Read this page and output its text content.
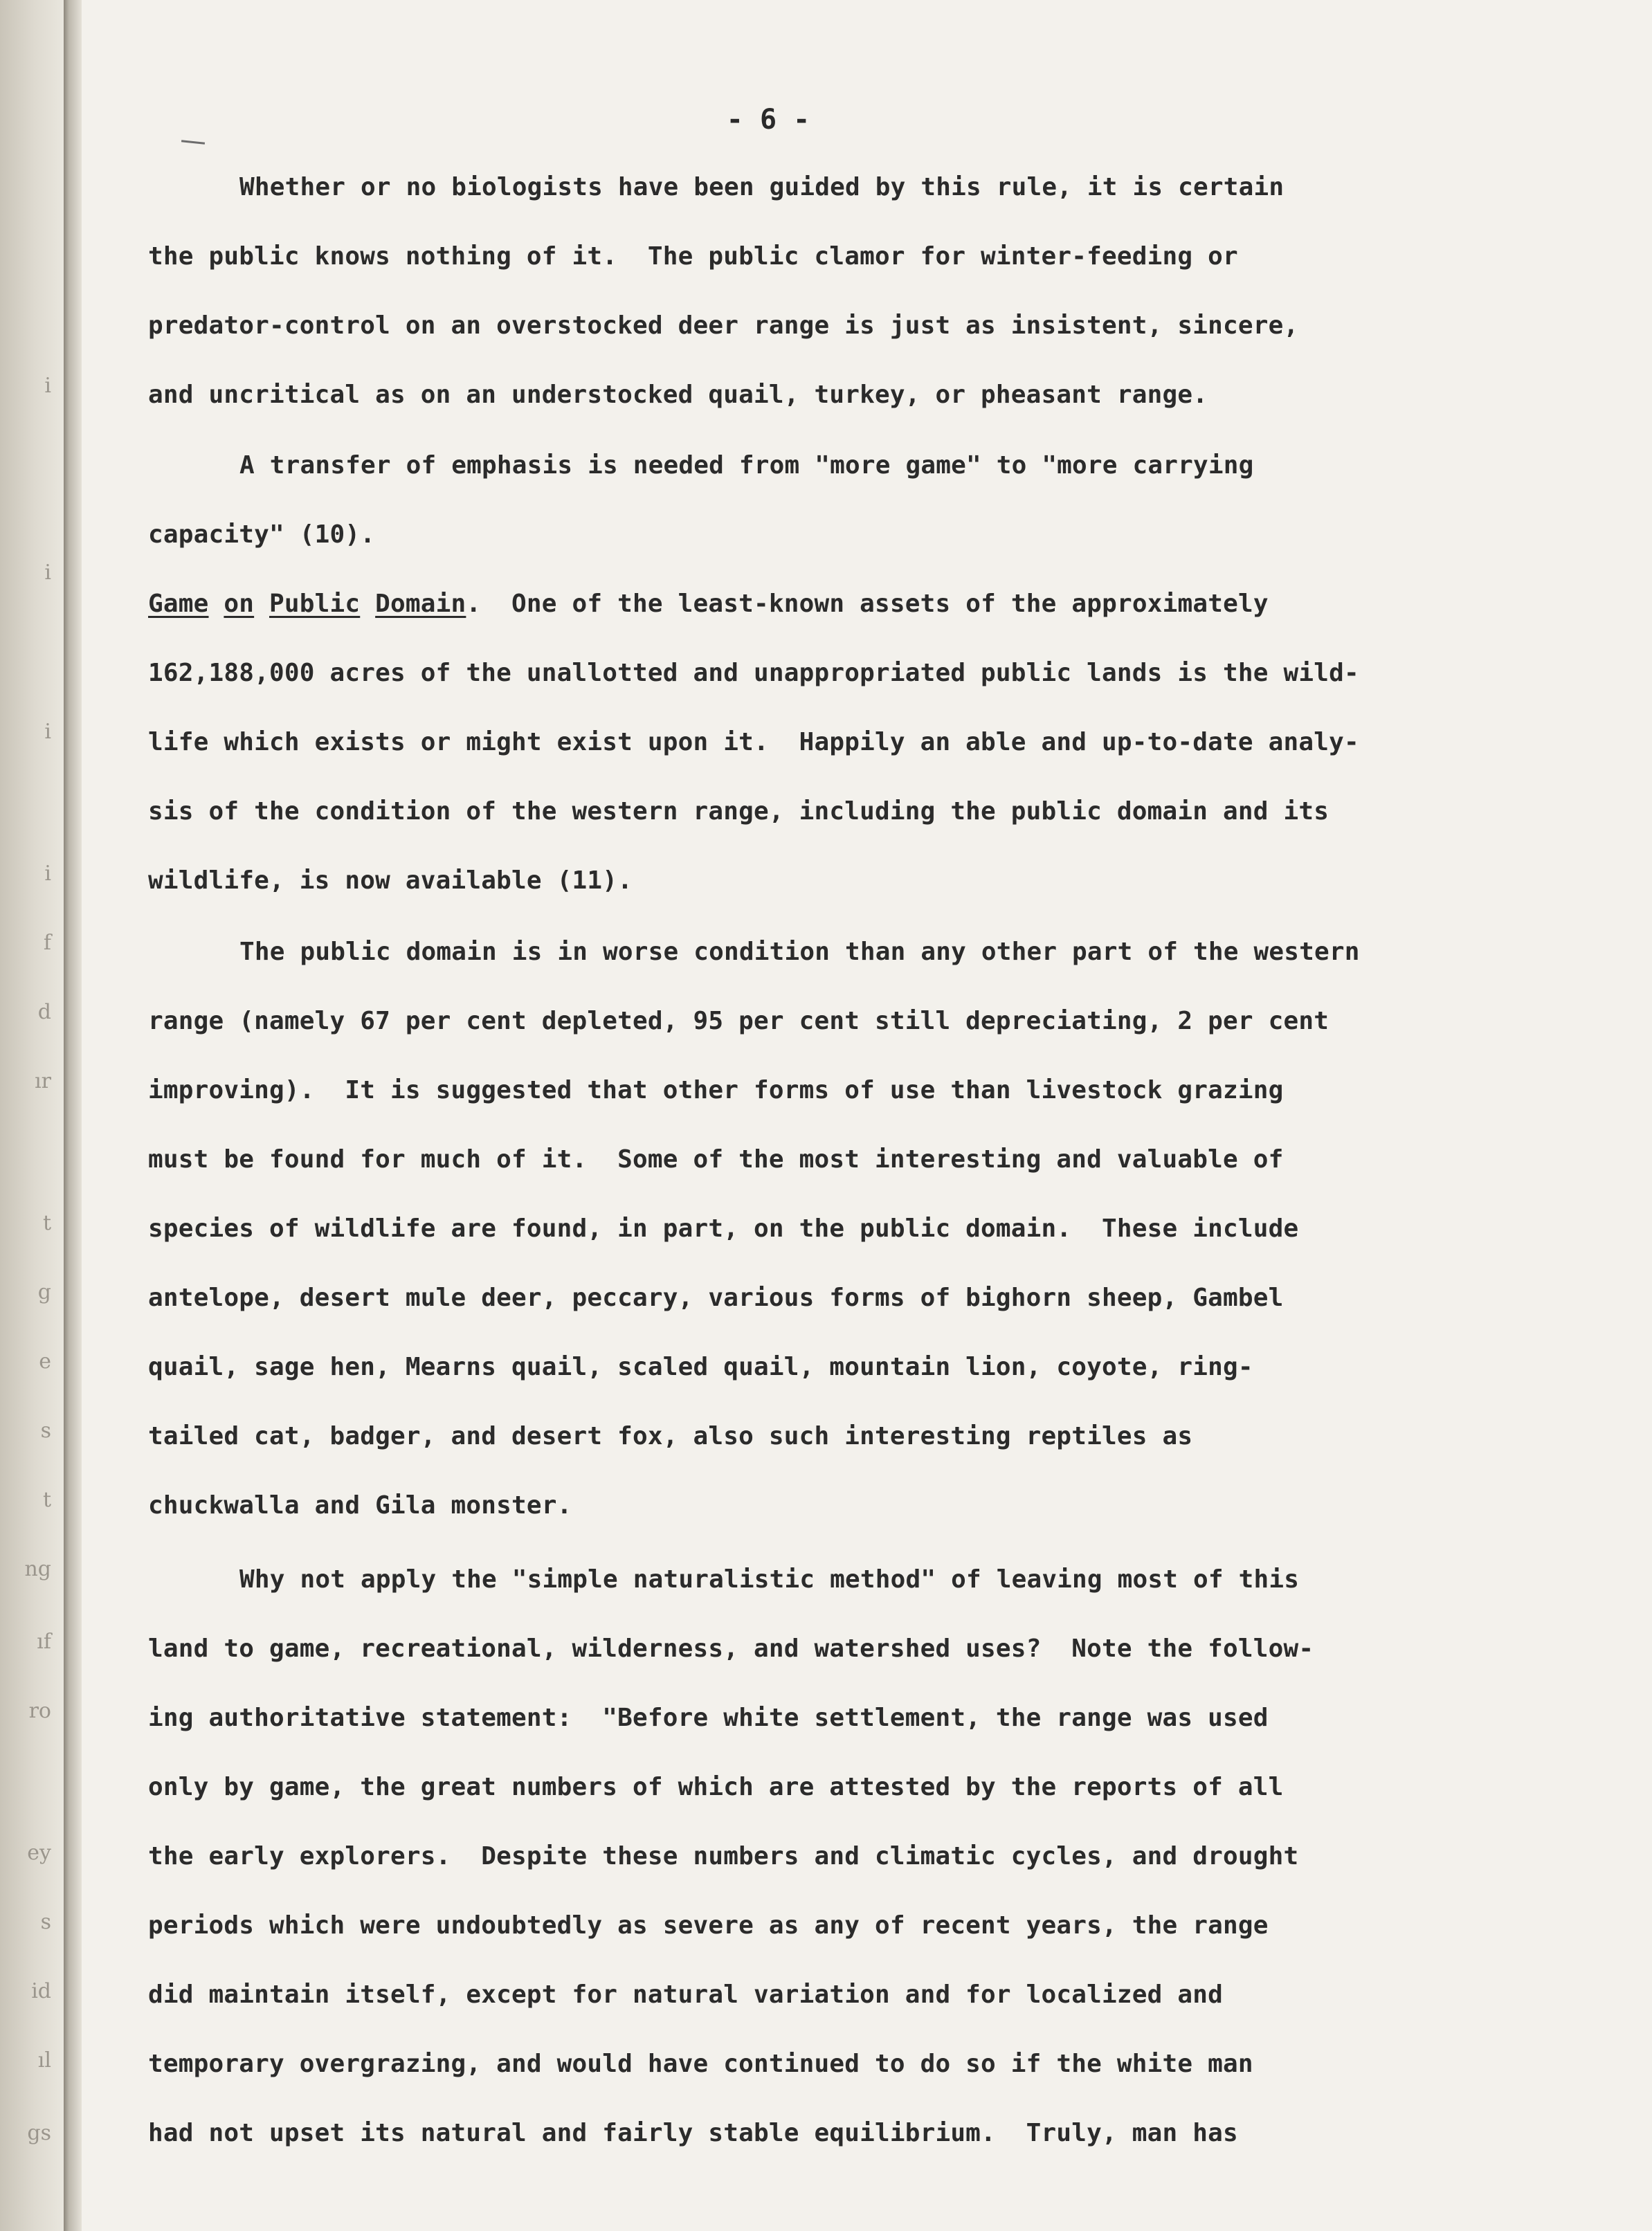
i
i
i
i
f
d
ır
t
g
e
s
t
ng
ıf
ro
ey
s
id
ıl
gs
- 6 -
Whether or no biologists have been guided by this rule, it is certain
the public knows nothing of it.  The public clamor for winter-feeding or
predator-control on an overstocked deer range is just as insistent, sincere,
and uncritical as on an understocked quail, turkey, or pheasant range.
A transfer of emphasis is needed from "more game" to "more carrying
capacity" (10).
Game on Public Domain.  One of the least-known assets of the approximately
162,188,000 acres of the unallotted and unappropriated public lands is the wild-
life which exists or might exist upon it.  Happily an able and up-to-date analy-
sis of the condition of the western range, including the public domain and its
wildlife, is now available (11).
The public domain is in worse condition than any other part of the western
range (namely 67 per cent depleted, 95 per cent still depreciating, 2 per cent
improving).  It is suggested that other forms of use than livestock grazing
must be found for much of it.  Some of the most interesting and valuable of
species of wildlife are found, in part, on the public domain.  These include
antelope, desert mule deer, peccary, various forms of bighorn sheep, Gambel
quail, sage hen, Mearns quail, scaled quail, mountain lion, coyote, ring-
tailed cat, badger, and desert fox, also such interesting reptiles as
chuckwalla and Gila monster.
Why not apply the "simple naturalistic method" of leaving most of this
land to game, recreational, wilderness, and watershed uses?  Note the follow-
ing authoritative statement:  "Before white settlement, the range was used
only by game, the great numbers of which are attested by the reports of all
the early explorers.  Despite these numbers and climatic cycles, and drought
periods which were undoubtedly as severe as any of recent years, the range
did maintain itself, except for natural variation and for localized and
temporary overgrazing, and would have continued to do so if the white man
had not upset its natural and fairly stable equilibrium.  Truly, man has
